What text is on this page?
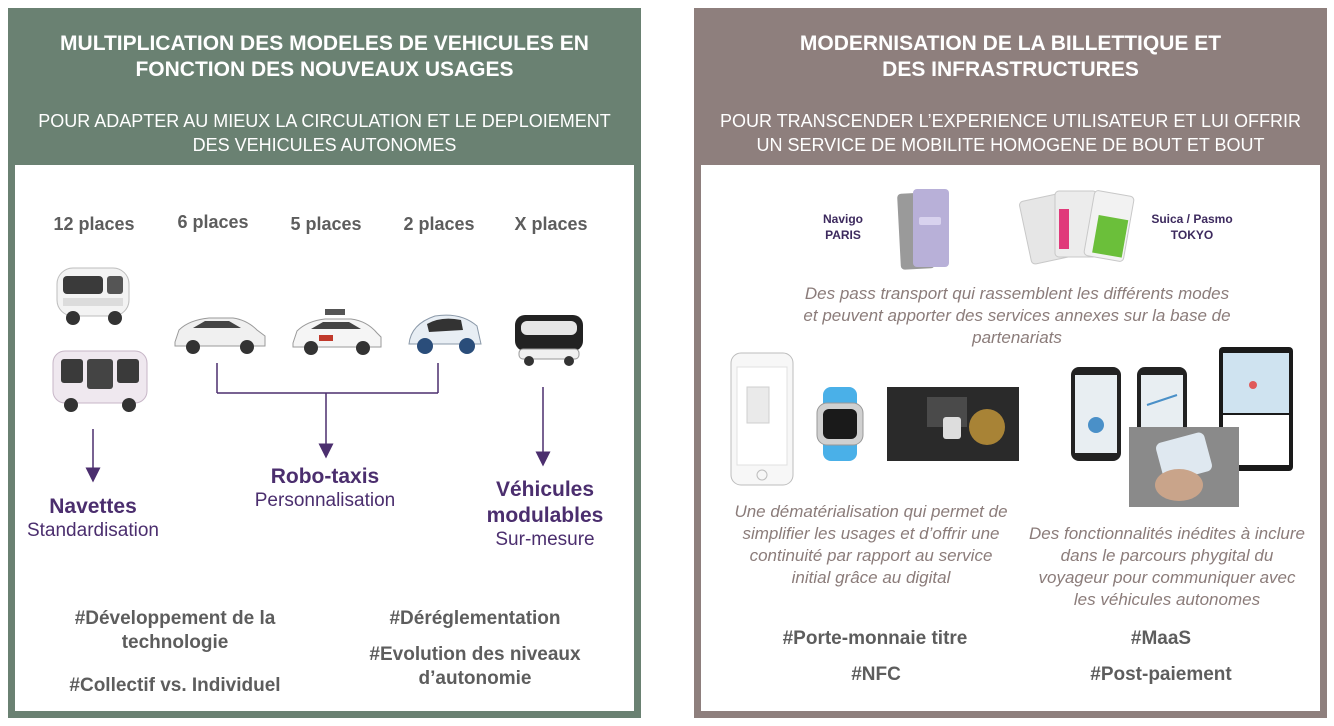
MULTIPLICATION DES MODELES DE VEHICULES EN FONCTION DES NOUVEAUX USAGES
POUR ADAPTER AU MIEUX LA CIRCULATION ET LE DEPLOIEMENT DES VEHICULES AUTONOMES
12 places	6 places	5 places	2 places	X places
Navettes
Standardisation
Robo-taxis
Personnalisation	Véhicules modulables
Sur-mesure
#Développement de la technologie
#Collectif vs. Individuel
#Déréglementation
#Evolution des niveaux d’autonomie
MODERNISATION DE LA BILLETTIQUE ET DES INFRASTRUCTURES
POUR TRANSCENDER L’EXPERIENCE UTILISATEUR ET LUI OFFRIR UN SERVICE DE MOBILITE HOMOGENE DE BOUT ET BOUT
Navigo
PARIS
Suica / Pasmo
TOKYO
Des pass transport qui rassemblent les différents modes et peuvent apporter des services annexes sur la base de partenariats
Une dématérialisation qui permet de simplifier les usages et d’offrir une continuité par rapport au service initial grâce au digital
Des fonctionnalités inédites à inclure dans le parcours phygital du voyageur pour communiquer avec les véhicules autonomes
#Porte-monnaie titre
#NFC
#MaaS
#Post-paiement
